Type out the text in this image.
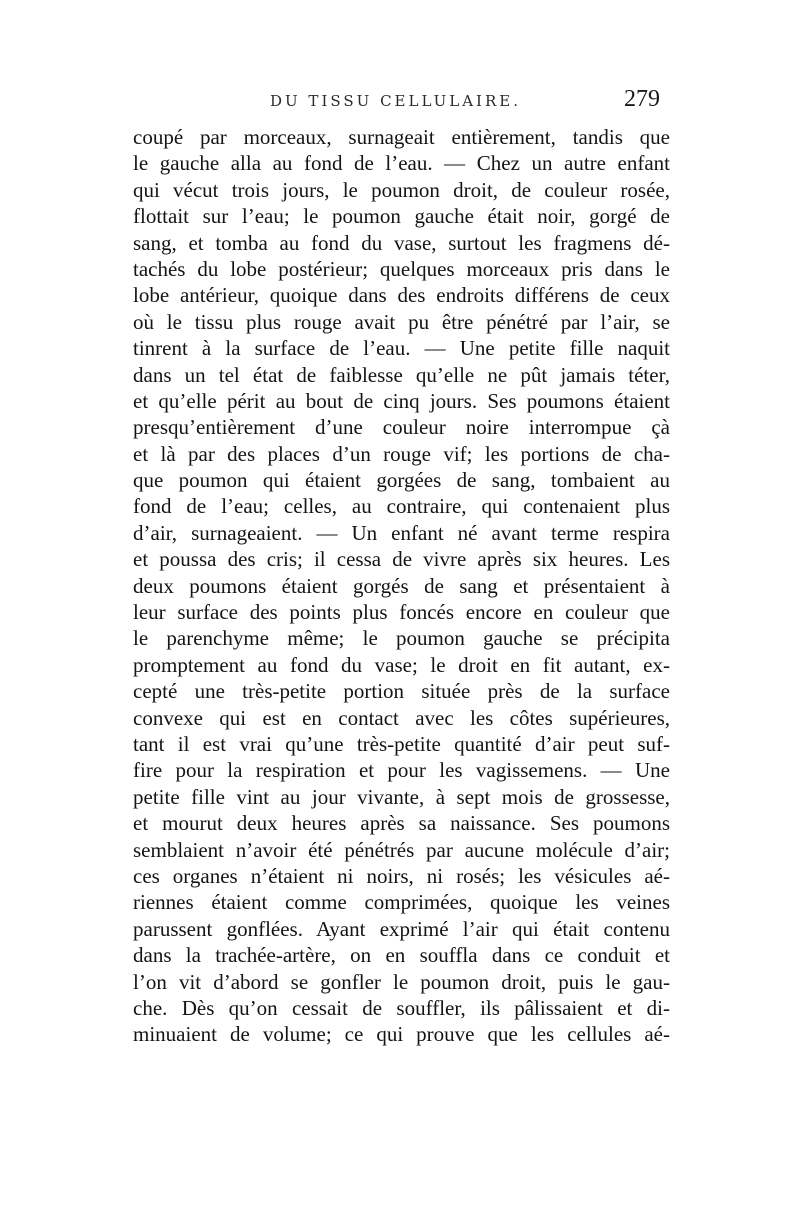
DU TISSU CELLULAIRE.	279
coupé par morceaux, surnageait entièrement, tandis que
le gauche alla au fond de l’eau. — Chez un autre enfant
qui vécut trois jours, le poumon droit, de couleur rosée,
flottait sur l’eau; le poumon gauche était noir, gorgé de
sang, et tomba au fond du vase, surtout les fragmens dé-
tachés du lobe postérieur; quelques morceaux pris dans le
lobe antérieur, quoique dans des endroits différens de ceux
où le tissu plus rouge avait pu être pénétré par l’air, se
tinrent à la surface de l’eau. — Une petite fille naquit
dans un tel état de faiblesse qu’elle ne pût jamais téter,
et qu’elle périt au bout de cinq jours. Ses poumons étaient
presqu’entièrement d’une couleur noire interrompue çà
et là par des places d’un rouge vif; les portions de cha-
que poumon qui étaient gorgées de sang, tombaient au
fond de l’eau; celles, au contraire, qui contenaient plus
d’air, surnageaient. — Un enfant né avant terme respira
et poussa des cris; il cessa de vivre après six heures. Les
deux poumons étaient gorgés de sang et présentaient à
leur surface des points plus foncés encore en couleur que
le parenchyme même; le poumon gauche se précipita
promptement au fond du vase; le droit en fit autant, ex-
cepté une très-petite portion située près de la surface
convexe qui est en contact avec les côtes supérieures,
tant il est vrai qu’une très-petite quantité d’air peut suf-
fire pour la respiration et pour les vagissemens. — Une
petite fille vint au jour vivante, à sept mois de grossesse,
et mourut deux heures après sa naissance. Ses poumons
semblaient n’avoir été pénétrés par aucune molécule d’air;
ces organes n’étaient ni noirs, ni rosés; les vésicules aé-
riennes étaient comme comprimées, quoique les veines
parussent gonflées. Ayant exprimé l’air qui était contenu
dans la trachée-artère, on en souffla dans ce conduit et
l’on vit d’abord se gonfler le poumon droit, puis le gau-
che. Dès qu’on cessait de souffler, ils pâlissaient et di-
minuaient de volume; ce qui prouve que les cellules aé-
